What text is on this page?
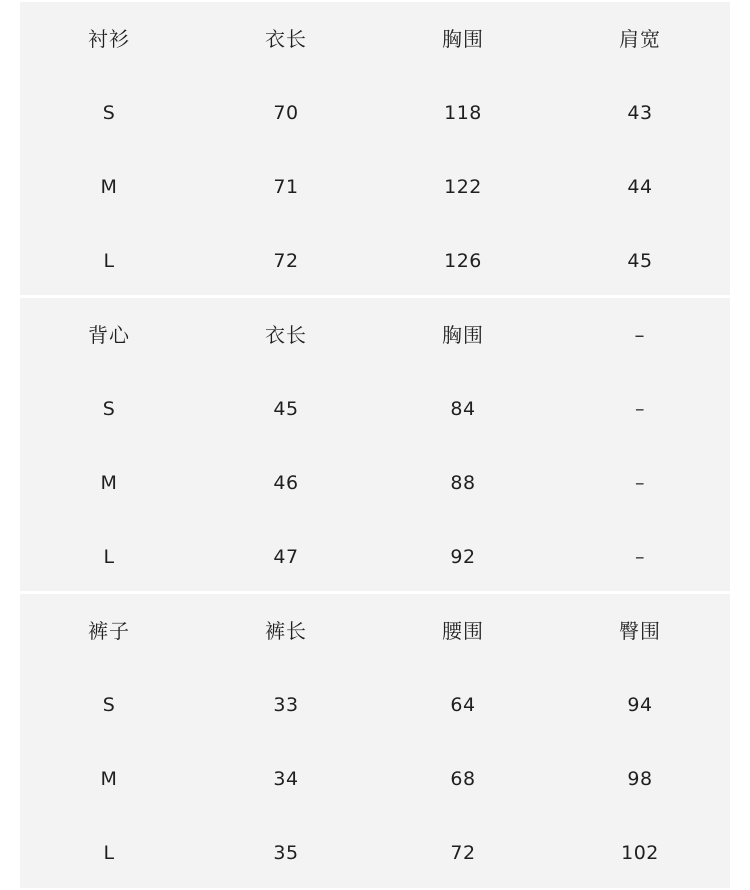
衬衫	衣长	胸围	肩宽
S	70	118	43
M	71	122	44
L	72	126	45
背心	衣长	胸围	–
S	45	84	–
M	46	88	–
L	47	92	–
裤子	裤长	腰围	臀围
S	33	64	94
M	34	68	98
L	35	72	102
